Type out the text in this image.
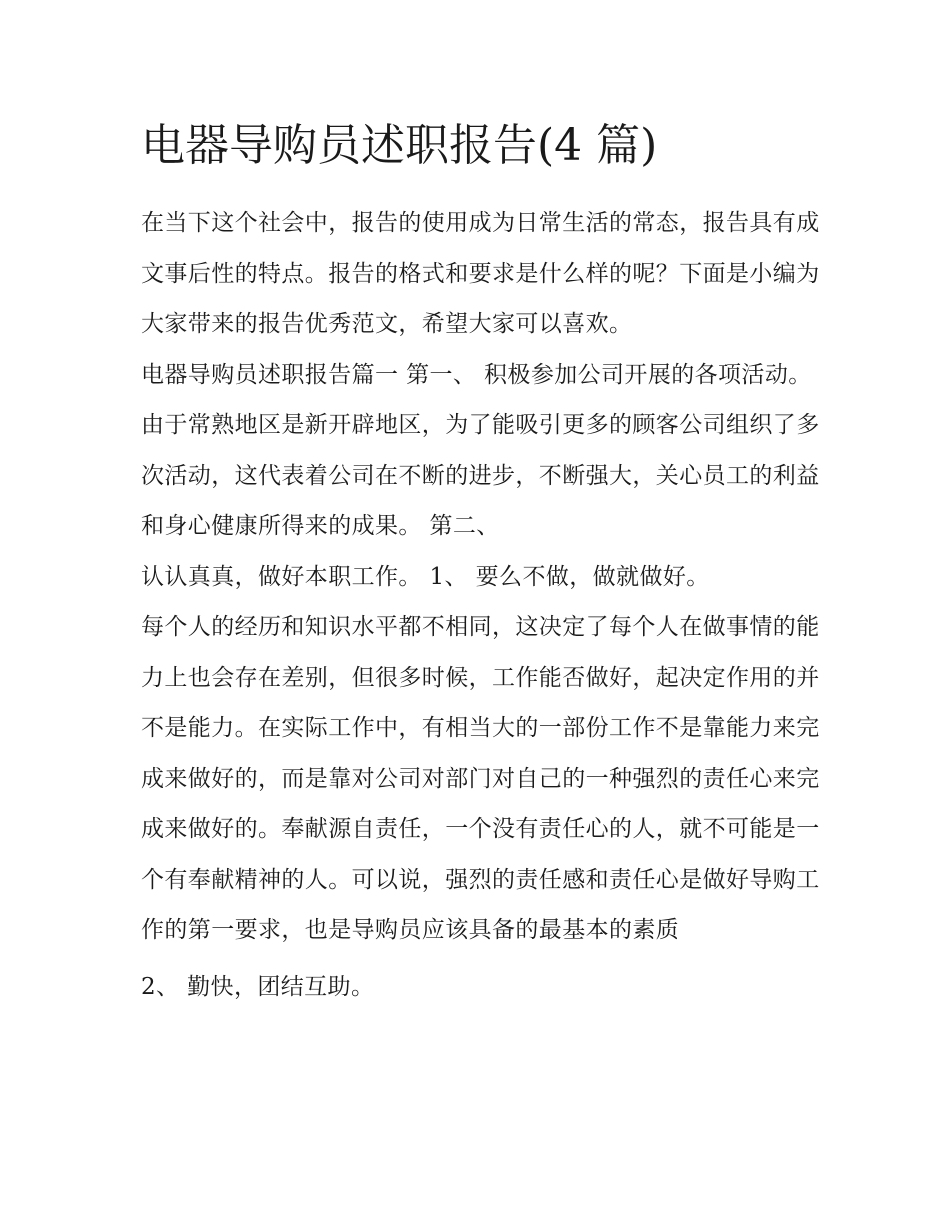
电器导购员述职报告(4 篇)

在当下这个社会中，报告的使用成为日常生活的常态，报告具有成文事后性的特点。报告的格式和要求是什么样的呢？下面是小编为大家带来的报告优秀范文，希望大家可以喜欢。

电器导购员述职报告篇一 第一、 积极参加公司开展的各项活动。

由于常熟地区是新开辟地区，为了能吸引更多的顾客公司组织了多次活动，这代表着公司在不断的进步，不断强大，关心员工的利益和身心健康所得来的成果。 第二、

认认真真，做好本职工作。 1、 要么不做，做就做好。

每个人的经历和知识水平都不相同，这决定了每个人在做事情的能力上也会存在差别，但很多时候，工作能否做好，起决定作用的并不是能力。在实际工作中，有相当大的一部份工作不是靠能力来完成来做好的，而是靠对公司对部门对自己的一种强烈的责任心来完成来做好的。奉献源自责任，一个没有责任心的人，就不可能是一个有奉献精神的人。可以说，强烈的责任感和责任心是做好导购工作的第一要求，也是导购员应该具备的最基本的素质

2、 勤快，团结互助。
